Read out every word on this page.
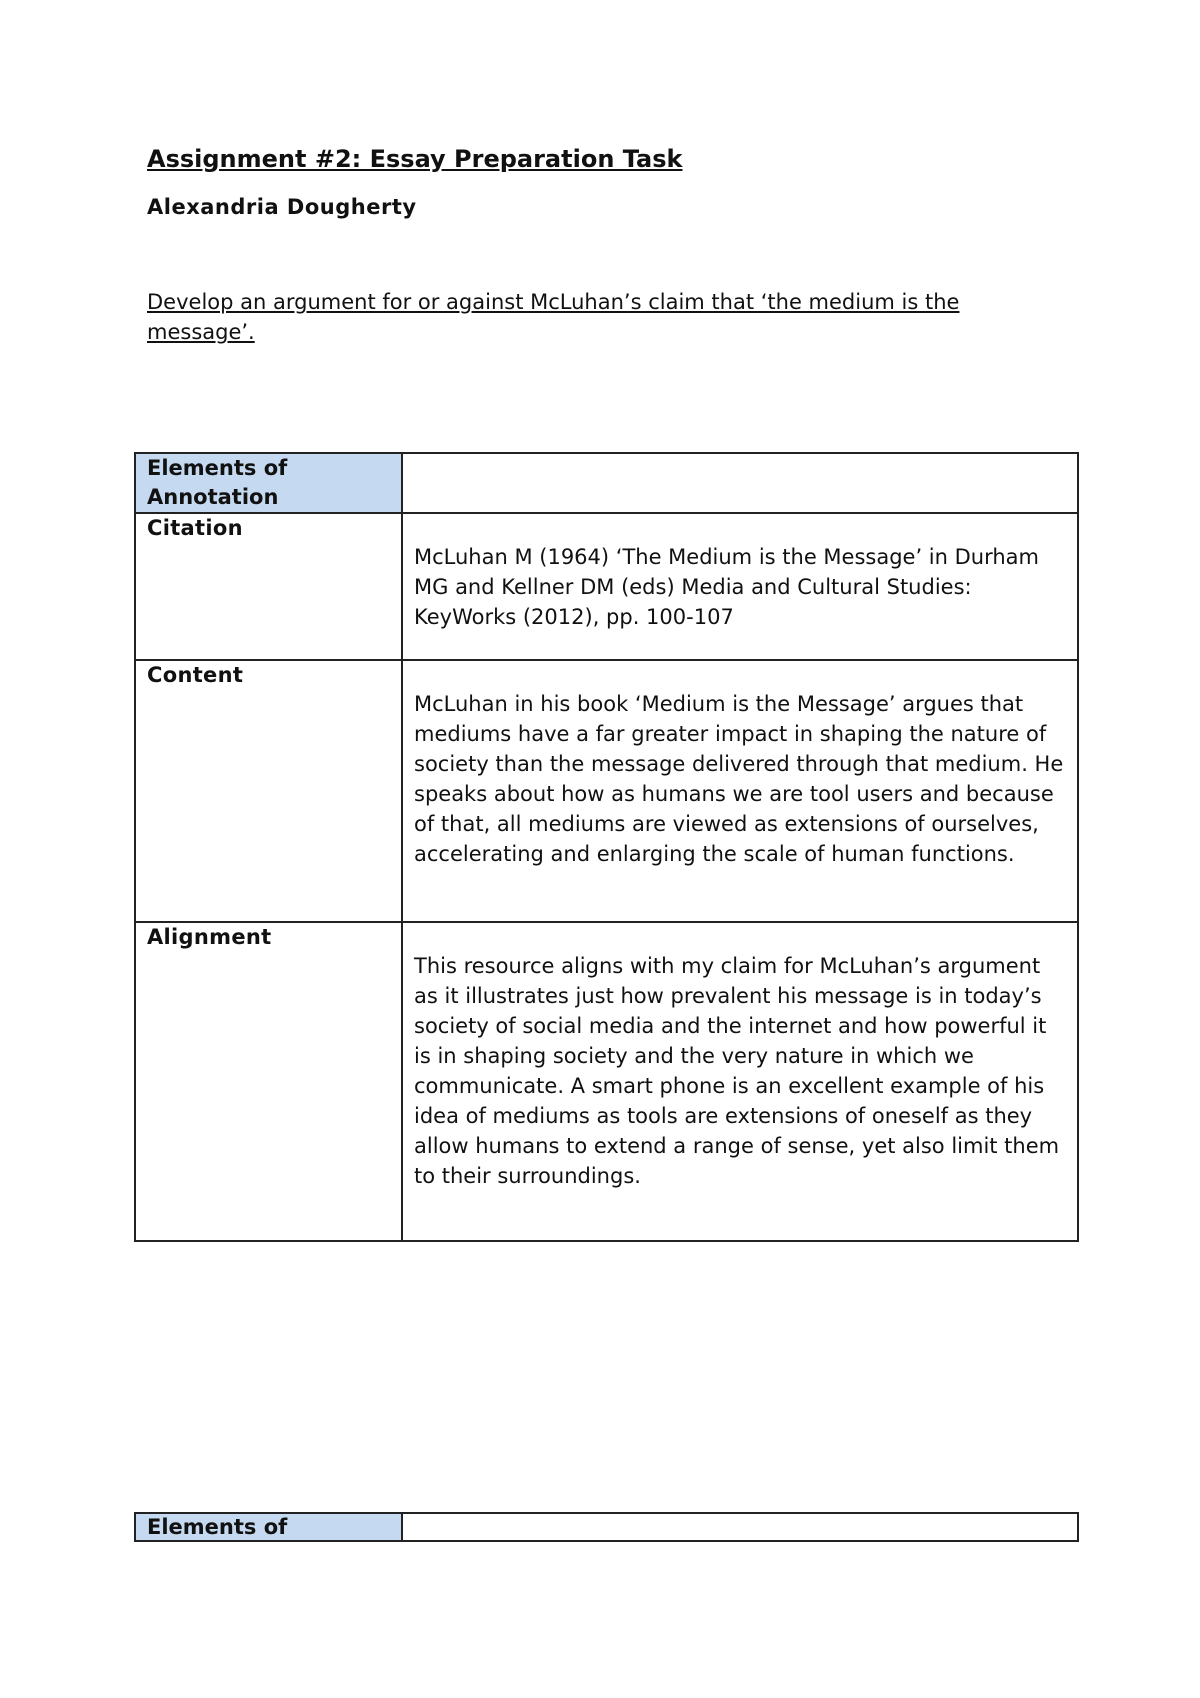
Assignment #2: Essay Preparation Task
Alexandria Dougherty
Develop an argument for or against McLuhan’s claim that ‘the medium is the message’.
Elements of Annotation	
Citation	McLuhan M (1964) ‘The Medium is the Message’ in Durham MG and Kellner DM (eds) Media and Cultural Studies: KeyWorks (2012), pp. 100-107
Content	McLuhan in his book ‘Medium is the Message’ argues that mediums have a far greater impact in shaping the nature of society than the message delivered through that medium. He speaks about how as humans we are tool users and because of that, all mediums are viewed as extensions of ourselves, accelerating and enlarging the scale of human functions.
Alignment	This resource aligns with my claim for McLuhan’s argument as it illustrates just how prevalent his message is in today’s society of social media and the internet and how powerful it is in shaping society and the very nature in which we communicate. A smart phone is an excellent example of his idea of mediums as tools are extensions of oneself as they allow humans to extend a range of sense, yet also limit them to their surroundings.
Elements of	
